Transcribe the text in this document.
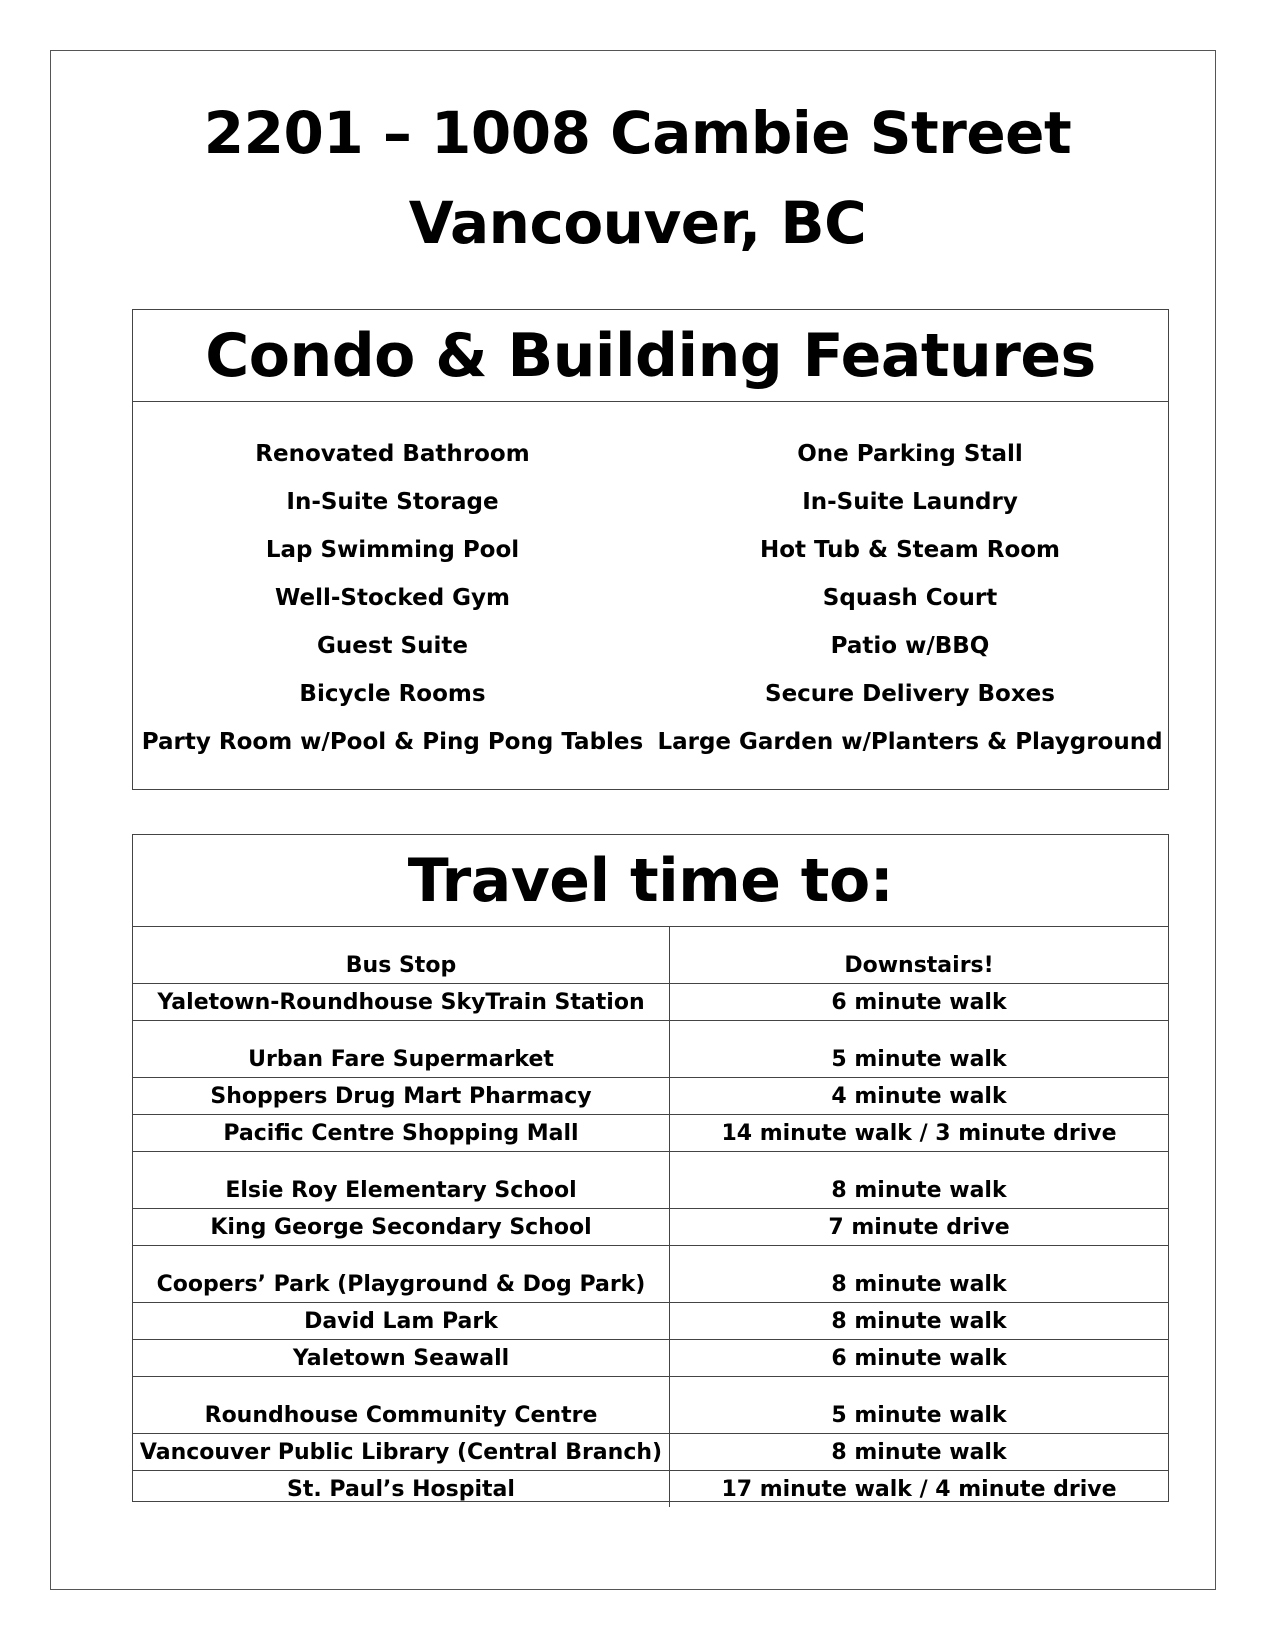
2201 – 1008 Cambie Street
Vancouver, BC
Condo & Building Features
Renovated Bathroom
In-Suite Storage
Lap Swimming Pool
Well-Stocked Gym
Guest Suite
Bicycle Rooms
Party Room w/Pool & Ping Pong Tables
One Parking Stall
In-Suite Laundry
Hot Tub & Steam Room
Squash Court
Patio w/BBQ
Secure Delivery Boxes
Large Garden w/Planters & Playground
Travel time to:
Bus Stop	Downstairs!
Yaletown-Roundhouse SkyTrain Station	6 minute walk
Urban Fare Supermarket	5 minute walk
Shoppers Drug Mart Pharmacy	4 minute walk
Pacific Centre Shopping Mall	14 minute walk / 3 minute drive
Elsie Roy Elementary School	8 minute walk
King George Secondary School	7 minute drive
Coopers’ Park (Playground & Dog Park)	8 minute walk
David Lam Park	8 minute walk
Yaletown Seawall	6 minute walk
Roundhouse Community Centre	5 minute walk
Vancouver Public Library (Central Branch)	8 minute walk
St. Paul’s Hospital	17 minute walk / 4 minute drive
